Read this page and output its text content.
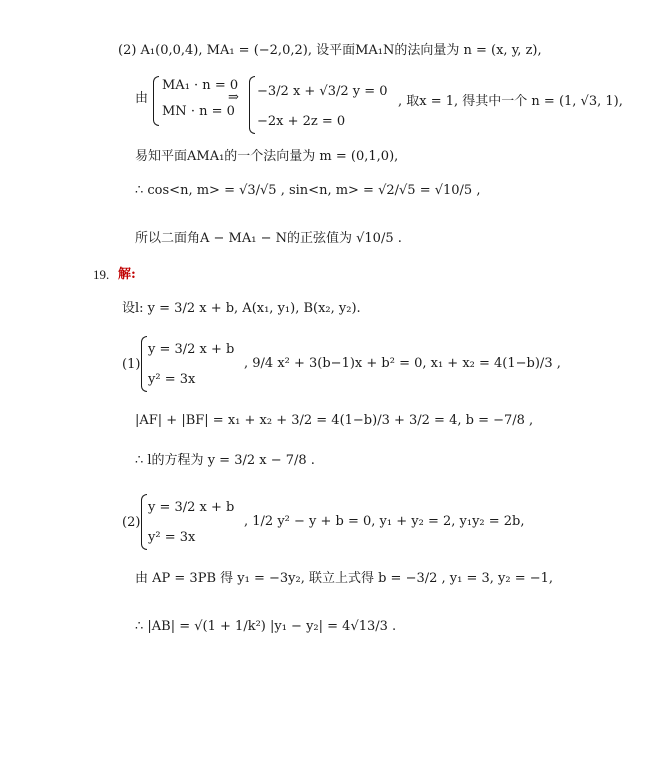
(2) A₁(0,0,4), MA₁ = (−2,0,2), 设平面MA₁N的法向量为 n = (x, y, z),
由
MA₁ · n = 0
MN · n = 0
⇒ −3/2 x + √3/2 y = 0
−2x + 2z = 0
, 取x = 1, 得其中一个 n = (1, √3, 1),
易知平面AMA₁的一个法向量为 m = (0,1,0),
∴ cos<n, m> = √3/√5 , sin<n, m> = √2/√5 = √10/5 ,
所以二面角A − MA₁ − N的正弦值为 √10/5 .
19. 解:
设l: y = 3/2 x + b, A(x₁, y₁), B(x₂, y₂).
(1)
y = 3/2 x + b
y² = 3x
, 9/4 x² + 3(b−1)x + b² = 0, x₁ + x₂ = 4(1−b)/3 ,
|AF| + |BF| = x₁ + x₂ + 3/2 = 4(1−b)/3 + 3/2 = 4, b = −7/8 ,
∴ l的方程为 y = 3/2 x − 7/8 .
(2)
y = 3/2 x + b
y² = 3x
, 1/2 y² − y + b = 0, y₁ + y₂ = 2, y₁y₂ = 2b,
由 AP = 3PB 得 y₁ = −3y₂, 联立上式得 b = −3/2 , y₁ = 3, y₂ = −1,
∴ |AB| = √(1 + 1/k²) |y₁ − y₂| = 4√13/3 .
